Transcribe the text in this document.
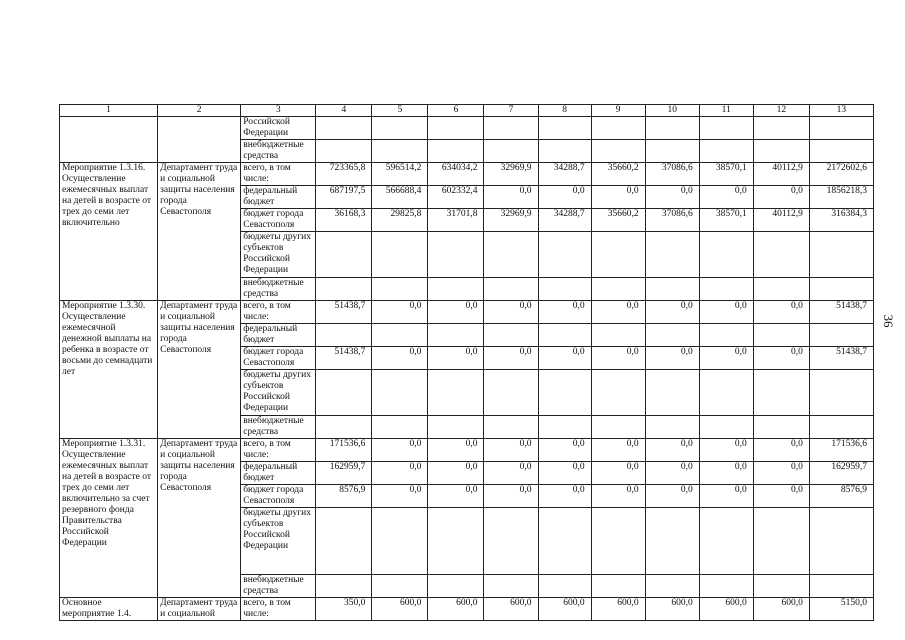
36
1	2	3	4	5	6	7	8	9	10	11	12	13
		Российской Федерации										
		внебюджетные средства										
Мероприятие 1.3.16. Осуществление ежемесячных выплат на детей в возрасте от трех до семи лет включительно	Департамент труда и социальной защиты населения города Севастополя	всего, в том числе:	723365,8	596514,2	634034,2	32969,9	34288,7	35660,2	37086,6	38570,1	40112,9	2172602,6
		федеральный бюджет	687197,5	566688,4	602332,4	0,0	0,0	0,0	0,0	0,0	0,0	1856218,3
		бюджет города Севастополя	36168,3	29825,8	31701,8	32969,9	34288,7	35660,2	37086,6	38570,1	40112,9	316384,3
		бюджеты других субъектов Российской Федерации										
		внебюджетные средства										
Мероприятие 1.3.30. Осуществление ежемесячной денежной выплаты на ребенка в возрасте от восьми до семнадцати лет	Департамент труда и социальной защиты населения города Севастополя	всего, в том числе:	51438,7	0,0	0,0	0,0	0,0	0,0	0,0	0,0	0,0	51438,7
		федеральный бюджет										
		бюджет города Севастополя	51438,7	0,0	0,0	0,0	0,0	0,0	0,0	0,0	0,0	51438,7
		бюджеты других субъектов Российской Федерации										
		внебюджетные средства										
Мероприятие 1.3.31. Осуществление ежемесячных выплат на детей в возрасте от трех до семи лет включительно за счет резервного фонда Правительства Российской Федерации	Департамент труда и социальной защиты населения города Севастополя	всего, в том числе:	171536,6	0,0	0,0	0,0	0,0	0,0	0,0	0,0	0,0	171536,6
		федеральный бюджет	162959,7	0,0	0,0	0,0	0,0	0,0	0,0	0,0	0,0	162959,7
		бюджет города Севастополя	8576,9	0,0	0,0	0,0	0,0	0,0	0,0	0,0	0,0	8576,9
		бюджеты других субъектов Российской Федерации										
		внебюджетные средства										
Основное мероприятие 1.4.	Департамент труда и социальной	всего, в том числе:	350,0	600,0	600,0	600,0	600,0	600,0	600,0	600,0	600,0	5150,0
